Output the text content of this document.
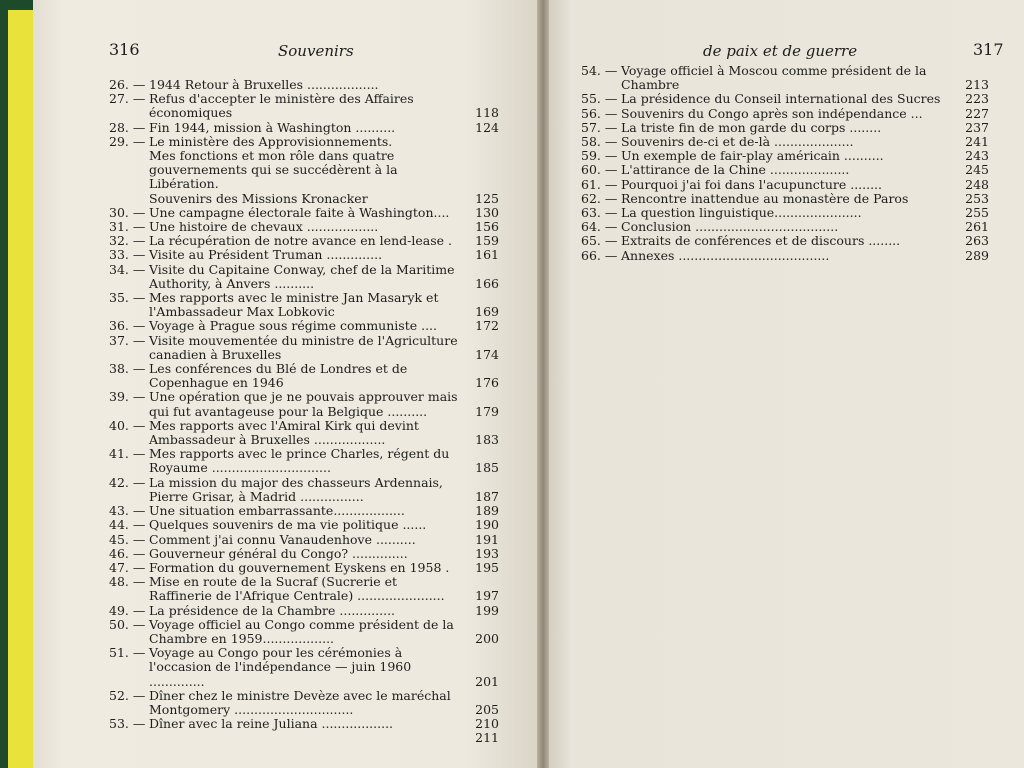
316	Souvenirs
26. — 1944 Retour à Bruxelles ..................
27. — Refus d'accepter le ministère des Affaires économiques	118
28. — Fin 1944, mission à Washington ..........	124
29. — Le ministère des Approvisionnements.
Mes fonctions et mon rôle dans quatre gouvernements qui se succédèrent à la Libération.
Souvenirs des Missions Kronacker	125
30. — Une campagne électorale faite à Washington....	130
31. — Une histoire de chevaux ..................	156
32. — La récupération de notre avance en lend-lease .	159
33. — Visite au Président Truman ..............	161
34. — Visite du Capitaine Conway, chef de la Maritime Authority, à Anvers ..........	166
35. — Mes rapports avec le ministre Jan Masaryk et l'Ambassadeur Max Lobkovic	169
36. — Voyage à Prague sous régime communiste ....	172
37. — Visite mouvementée du ministre de l'Agriculture canadien à Bruxelles	174
38. — Les conférences du Blé de Londres et de Copenhague en 1946	176
39. — Une opération que je ne pouvais approuver mais qui fut avantageuse pour la Belgique ..........	179
40. — Mes rapports avec l'Amiral Kirk qui devint Ambassadeur à Bruxelles ..................	183
41. — Mes rapports avec le prince Charles, régent du Royaume ..............................	185
42. — La mission du major des chasseurs Ardennais, Pierre Grisar, à Madrid ................	187
43. — Une situation embarrassante..................	189
44. — Quelques souvenirs de ma vie politique ......	190
45. — Comment j'ai connu Vanaudenhove ..........	191
46. — Gouverneur général du Congo? ..............	193
47. — Formation du gouvernement Eyskens en 1958 .	195
48. — Mise en route de la Sucraf (Sucrerie et Raffinerie de l'Afrique Centrale) ......................	197
49. — La présidence de la Chambre ..............	199
50. — Voyage officiel au Congo comme président de la Chambre en 1959..................	200
51. — Voyage au Congo pour les cérémonies à l'occasion de l'indépendance — juin 1960 ..............	201
52. — Dîner chez le ministre Devèze avec le maréchal Montgomery ..............................	205
53. — Dîner avec la reine Juliana ..................	210
211
de paix et de guerre	317
54. — Voyage officiel à Moscou comme président de la Chambre	213
55. — La présidence du Conseil international des Sucres	223
56. — Souvenirs du Congo après son indépendance ...	227
57. — La triste fin de mon garde du corps ........	237
58. — Souvenirs de-ci et de-là ....................	241
59. — Un exemple de fair-play américain ..........	243
60. — L'attirance de la Chine ....................	245
61. — Pourquoi j'ai foi dans l'acupuncture ........	248
62. — Rencontre inattendue au monastère de Paros	253
63. — La question linguistique......................	255
64. — Conclusion ....................................	261
65. — Extraits de conférences et de discours ........	263
66. — Annexes ......................................	289
